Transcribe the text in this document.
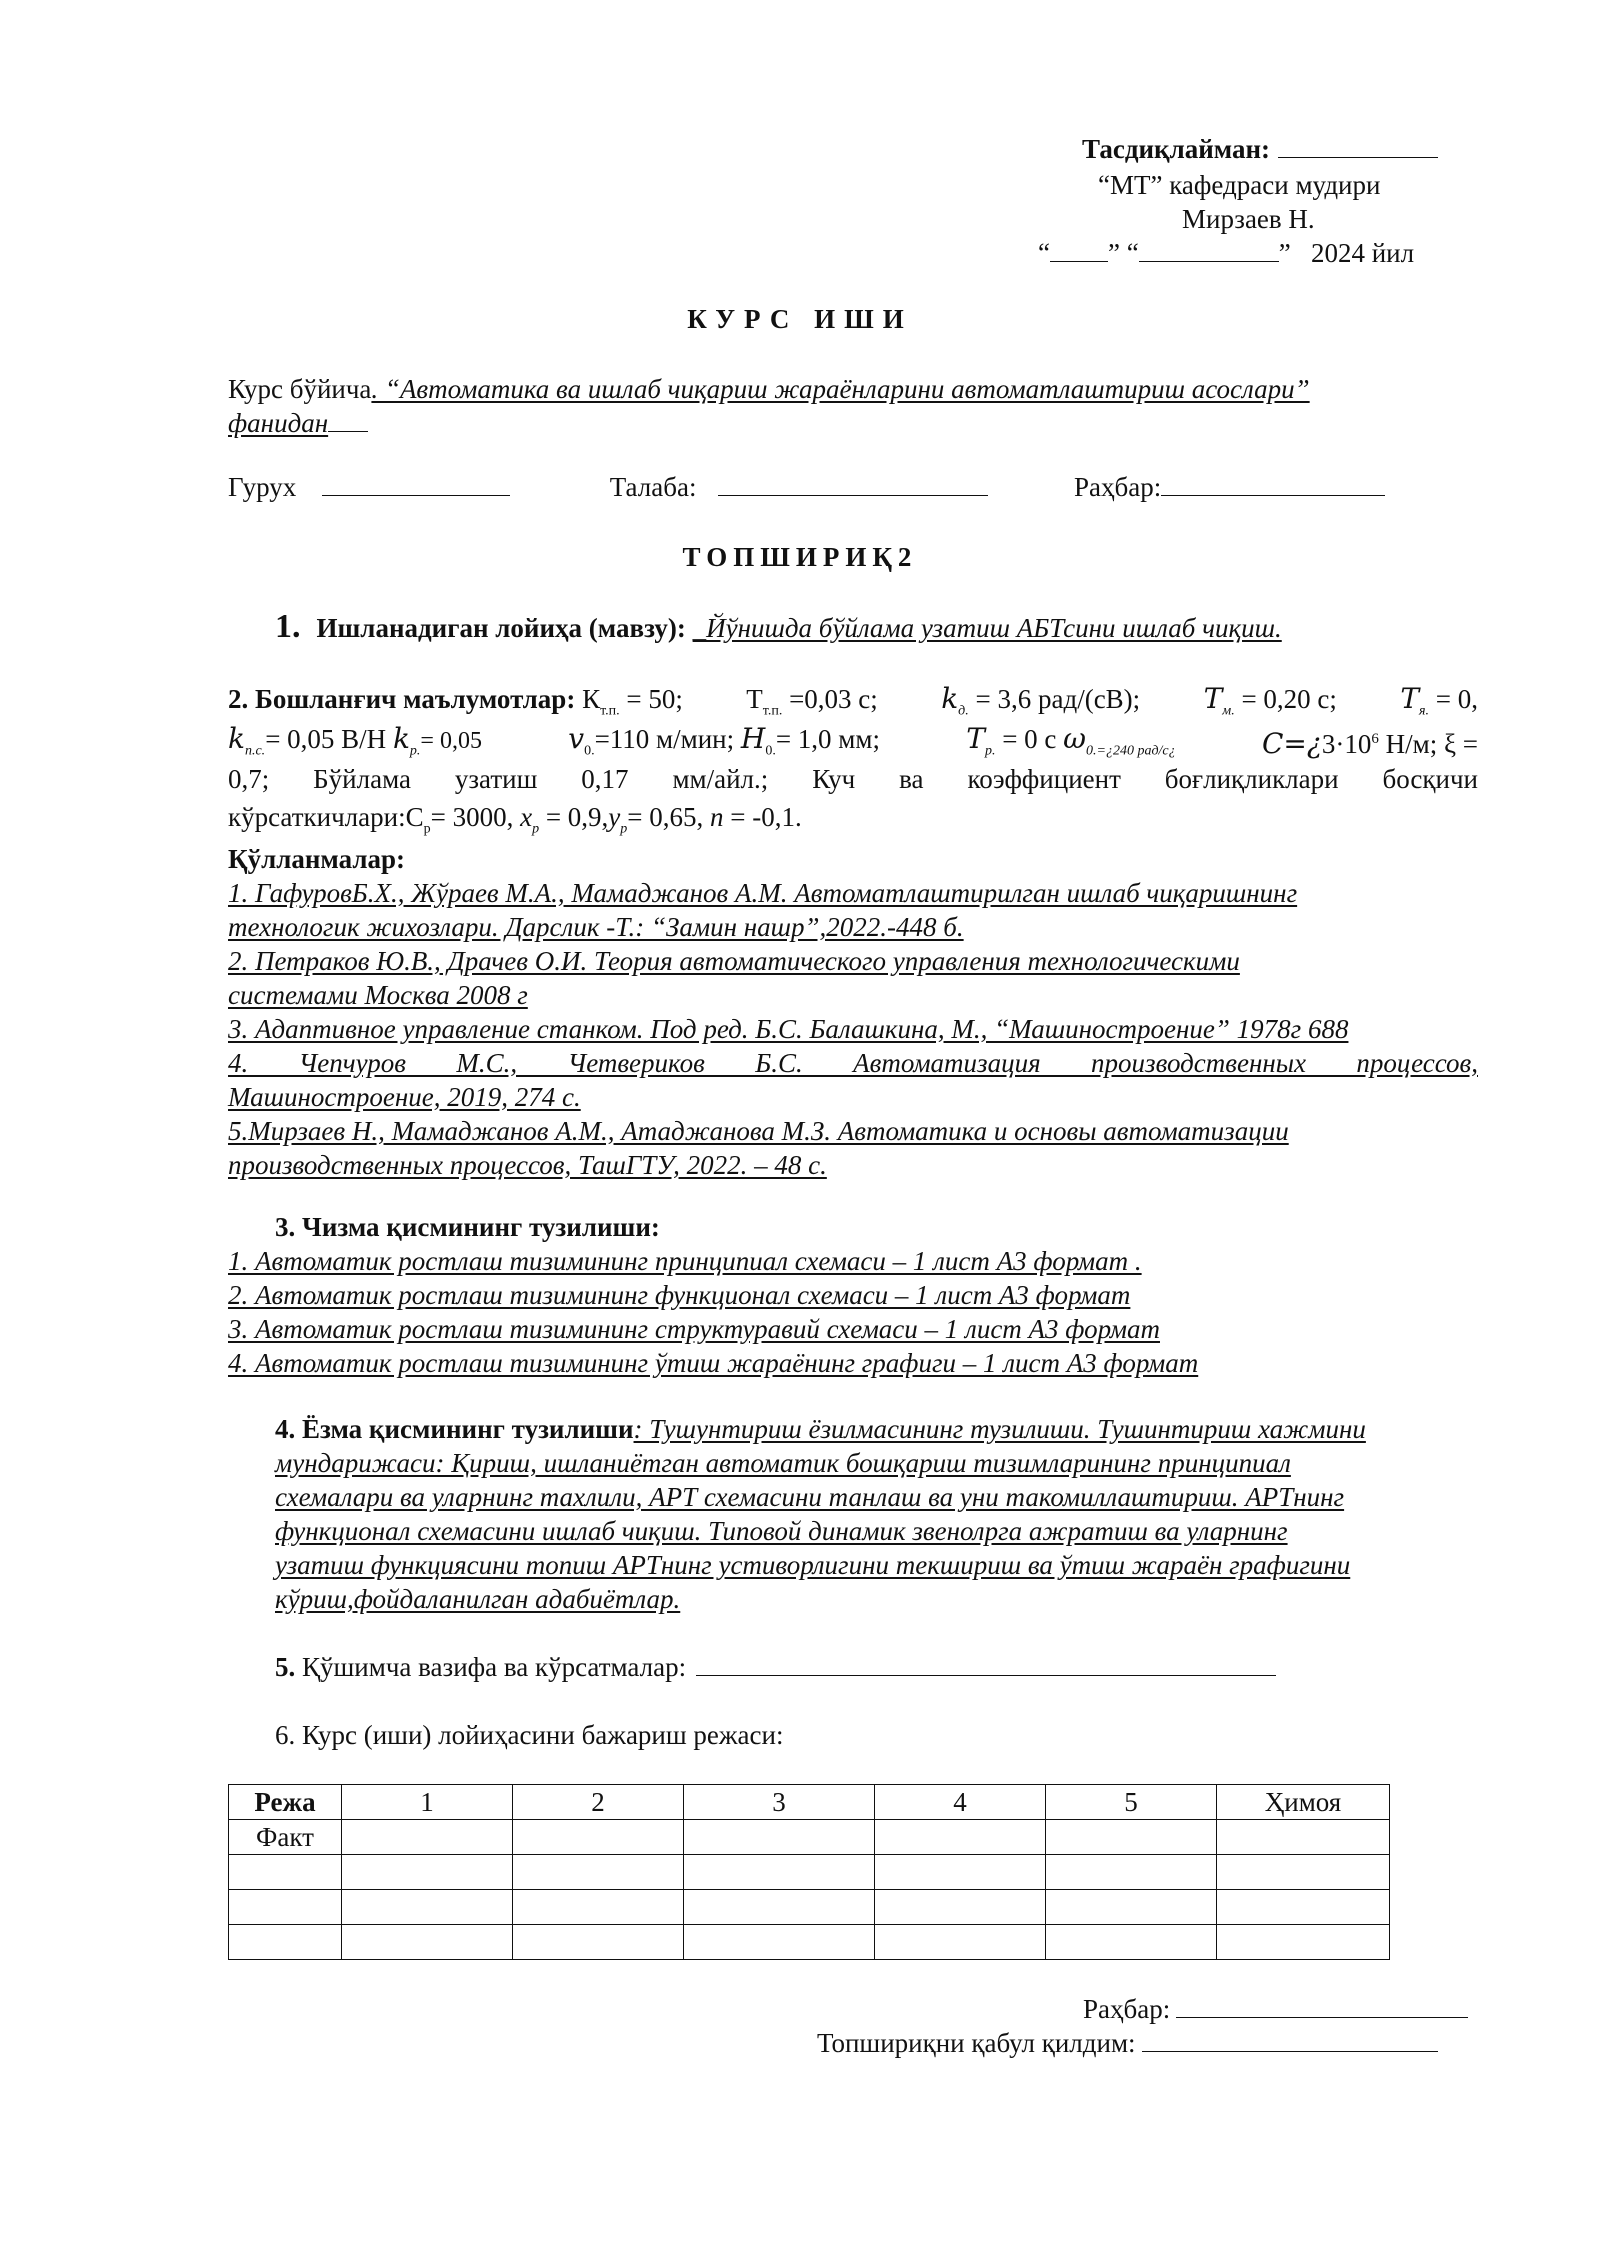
Тасдиқлайман:
“МТ” кафедраси мудири
Мирзаев Н.
“ ” “	” 2024 йил
КУРС ИШИ
Курс бўйича. “Автоматика ва ишлаб чиқариш жараёнларини автоматлаштириш асослари”
фанидан
Гурух	Талаба:	Раҳбар:
ТОПШИРИҚ2
1. Ишланадиган лойиҳа (мавзу): _Йўнишда бўйлама узатиш АБТсини ишлаб чиқиш.
2. Бошланғич маълумотлар: $К_{т.п.} = 50$; $Т_{т.п.} =0,03$ с; $k_{д.} = 3,6$ рад/(сВ); $T_{м.} = 0,20$ с; $T_{я.} = 0$,
$k_{п.с.}= 0,05$ В/Н $k_{р.}= 0,05$	$v_{0.}=110$ м/мин; $H_{0.}= 1,0$ мм;	$T_{р.} = 0$ с $\omega_{0.=¿240 рад/с¿}$	$C=¿3\cdot 10^6$ Н/м; ξ =
0,7; Бўйлама узатиш 0,17 мм/айл.; Куч ва коэффициент боғлиқликлари босқичи
$кўрсаткичлари:С_р= 3000$, $x_р = 0,9,y_р= 0,65$, n = -0,1.
Қўлланмалар:
1. ГафуровБ.Х., Жўраев М.А., Мамаджанов А.М. Автоматлаштирилган ишлаб чиқаришнинг
технологик жихозлари. Дарслик -Т.: “Замин нашр”,2022.-448 б.
2. Петраков Ю.В., Драчев О.И. Теория автоматического управления технологическими
системами Москва 2008 г
3. Адаптивное управление станком. Под ред. Б.С. Балашкина, М., “Машиностроение” 1978г 688
4. Чепчуров М.С., Четвериков Б.С. Автоматизация производственных процессов,
Машиностроение, 2019, 274 с.
5.Мирзаев Н., Мамаджанов А.М., Атаджанова М.З. Автоматика и основы автоматизации
производственных процессов, ТашГТУ, 2022. – 48 с.
3. Чизма қисмининг тузилиши:
1. Автоматик ростлаш тизимининг принципиал схемаси – 1 лист А3 формат .
2. Автоматик ростлаш тизимининг функционал схемаси – 1 лист А3 формат
3. Автоматик ростлаш тизимининг структуравий схемаси – 1 лист А3 формат
4. Автоматик ростлаш тизимининг ўтиш жараёнинг графиги – 1 лист А3 формат
4. Ёзма қисмининг тузилиши: Тушунтириш ёзилмасининг тузилиши. Тушинтириш хажмини
мундарижаси: Қириш, ишланиётган автоматик бошқариш тизимларининг принципиал
схемалари ва уларнинг тахлили, АРТ схемасини танлаш ва уни такомиллаштириш. АРТнинг
функционал схемасини ишлаб чиқиш. Типовой динамик звенолрга ажратиш ва уларнинг
узатиш функциясини топиш АРТнинг устиворлигини текшириш ва ўтиш жараён графигини
кўриш,фойдаланилган адабиётлар.
5. Қўшимча вазифа ва кўрсатмалар:
6. Курс (иши) лойиҳасини бажариш режаси:
Режа	1	2	3	4	5	Ҳимоя
Факт						

Раҳбар:
Топшириқни қабул қилдим:
